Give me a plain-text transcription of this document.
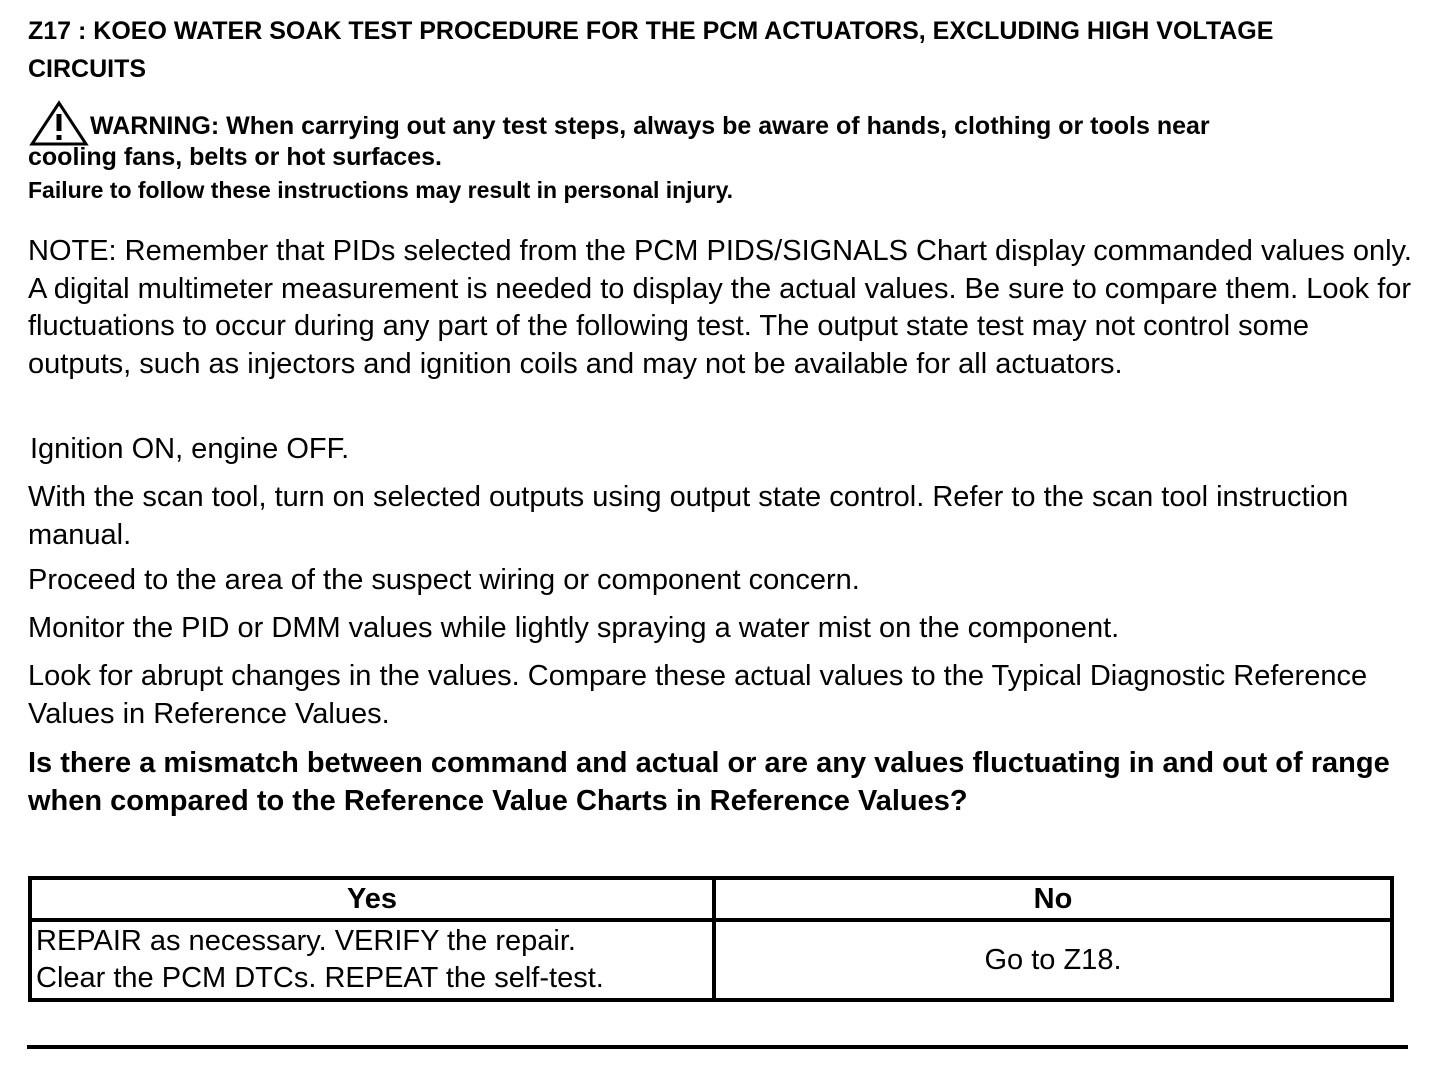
Z17 : KOEO WATER SOAK TEST PROCEDURE FOR THE PCM ACTUATORS, EXCLUDING HIGH VOLTAGE CIRCUITS
WARNING: When carrying out any test steps, always be aware of hands, clothing or tools near
cooling fans, belts or hot surfaces.
Failure to follow these instructions may result in personal injury.
NOTE: Remember that PIDs selected from the PCM PIDS/SIGNALS Chart display commanded values only. A digital multimeter measurement is needed to display the actual values. Be sure to compare them. Look for fluctuations to occur during any part of the following test. The output state test may not control some outputs, such as injectors and ignition coils and may not be available for all actuators.
Ignition ON, engine OFF.
With the scan tool, turn on selected outputs using output state control. Refer to the scan tool instruction manual.
Proceed to the area of the suspect wiring or component concern.
Monitor the PID or DMM values while lightly spraying a water mist on the component.
Look for abrupt changes in the values. Compare these actual values to the Typical Diagnostic Reference Values in Reference Values.
Is there a mismatch between command and actual or are any values fluctuating in and out of range when compared to the Reference Value Charts in Reference Values?
Yes	No

REPAIR as necessary. VERIFY the repair.
Clear the PCM DTCs. REPEAT the self-test.	Go to Z18.
